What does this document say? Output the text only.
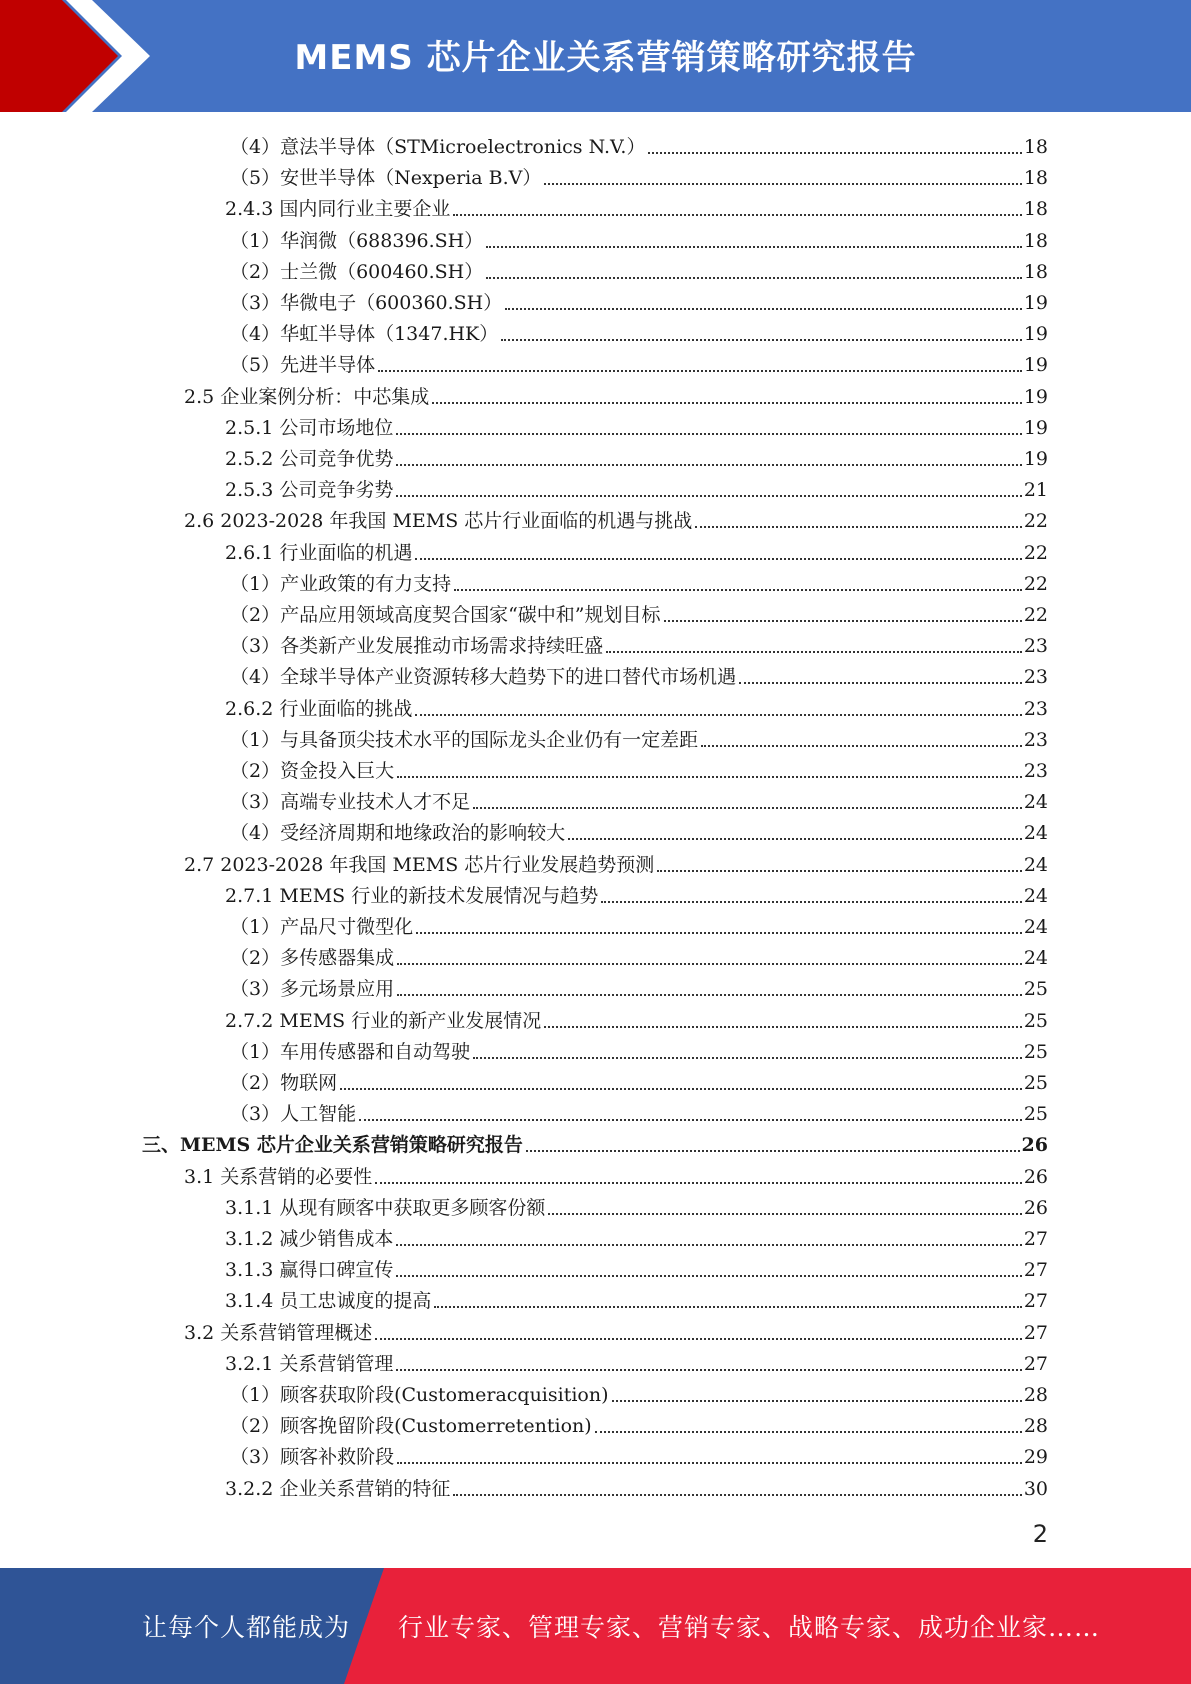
MEMS 芯片企业关系营销策略研究报告
（4）意法半导体（STMicroelectronics N.V.）	18
（5）安世半导体（Nexperia B.V）	18
2.4.3 国内同行业主要企业	18
（1）华润微（688396.SH）	18
（2）士兰微（600460.SH）	18
（3）华微电子（600360.SH）	19
（4）华虹半导体（1347.HK）	19
（5）先进半导体	19
2.5 企业案例分析：中芯集成	19
2.5.1 公司市场地位	19
2.5.2 公司竞争优势	19
2.5.3 公司竞争劣势	21
2.6 2023-2028 年我国 MEMS 芯片行业面临的机遇与挑战	22
2.6.1 行业面临的机遇	22
（1）产业政策的有力支持	22
（2）产品应用领域高度契合国家“碳中和”规划目标	22
（3）各类新产业发展推动市场需求持续旺盛	23
（4）全球半导体产业资源转移大趋势下的进口替代市场机遇	23
2.6.2 行业面临的挑战	23
（1）与具备顶尖技术水平的国际龙头企业仍有一定差距	23
（2）资金投入巨大	23
（3）高端专业技术人才不足	24
（4）受经济周期和地缘政治的影响较大	24
2.7 2023-2028 年我国 MEMS 芯片行业发展趋势预测	24
2.7.1 MEMS 行业的新技术发展情况与趋势	24
（1）产品尺寸微型化	24
（2）多传感器集成	24
（3）多元场景应用	25
2.7.2 MEMS 行业的新产业发展情况	25
（1）车用传感器和自动驾驶	25
（2）物联网	25
（3）人工智能	25
三、MEMS 芯片企业关系营销策略研究报告	26
3.1 关系营销的必要性	26
3.1.1 从现有顾客中获取更多顾客份额	26
3.1.2 减少销售成本	27
3.1.3 赢得口碑宣传	27
3.1.4 员工忠诚度的提高	27
3.2 关系营销管理概述	27
3.2.1 关系营销管理	27
（1）顾客获取阶段(Customeracquisition)	28
（2）顾客挽留阶段(Customerretention)	28
（3）顾客补救阶段	29
3.2.2 企业关系营销的特征	30
2
让每个人都能成为 行业专家、管理专家、营销专家、战略专家、成功企业家……
